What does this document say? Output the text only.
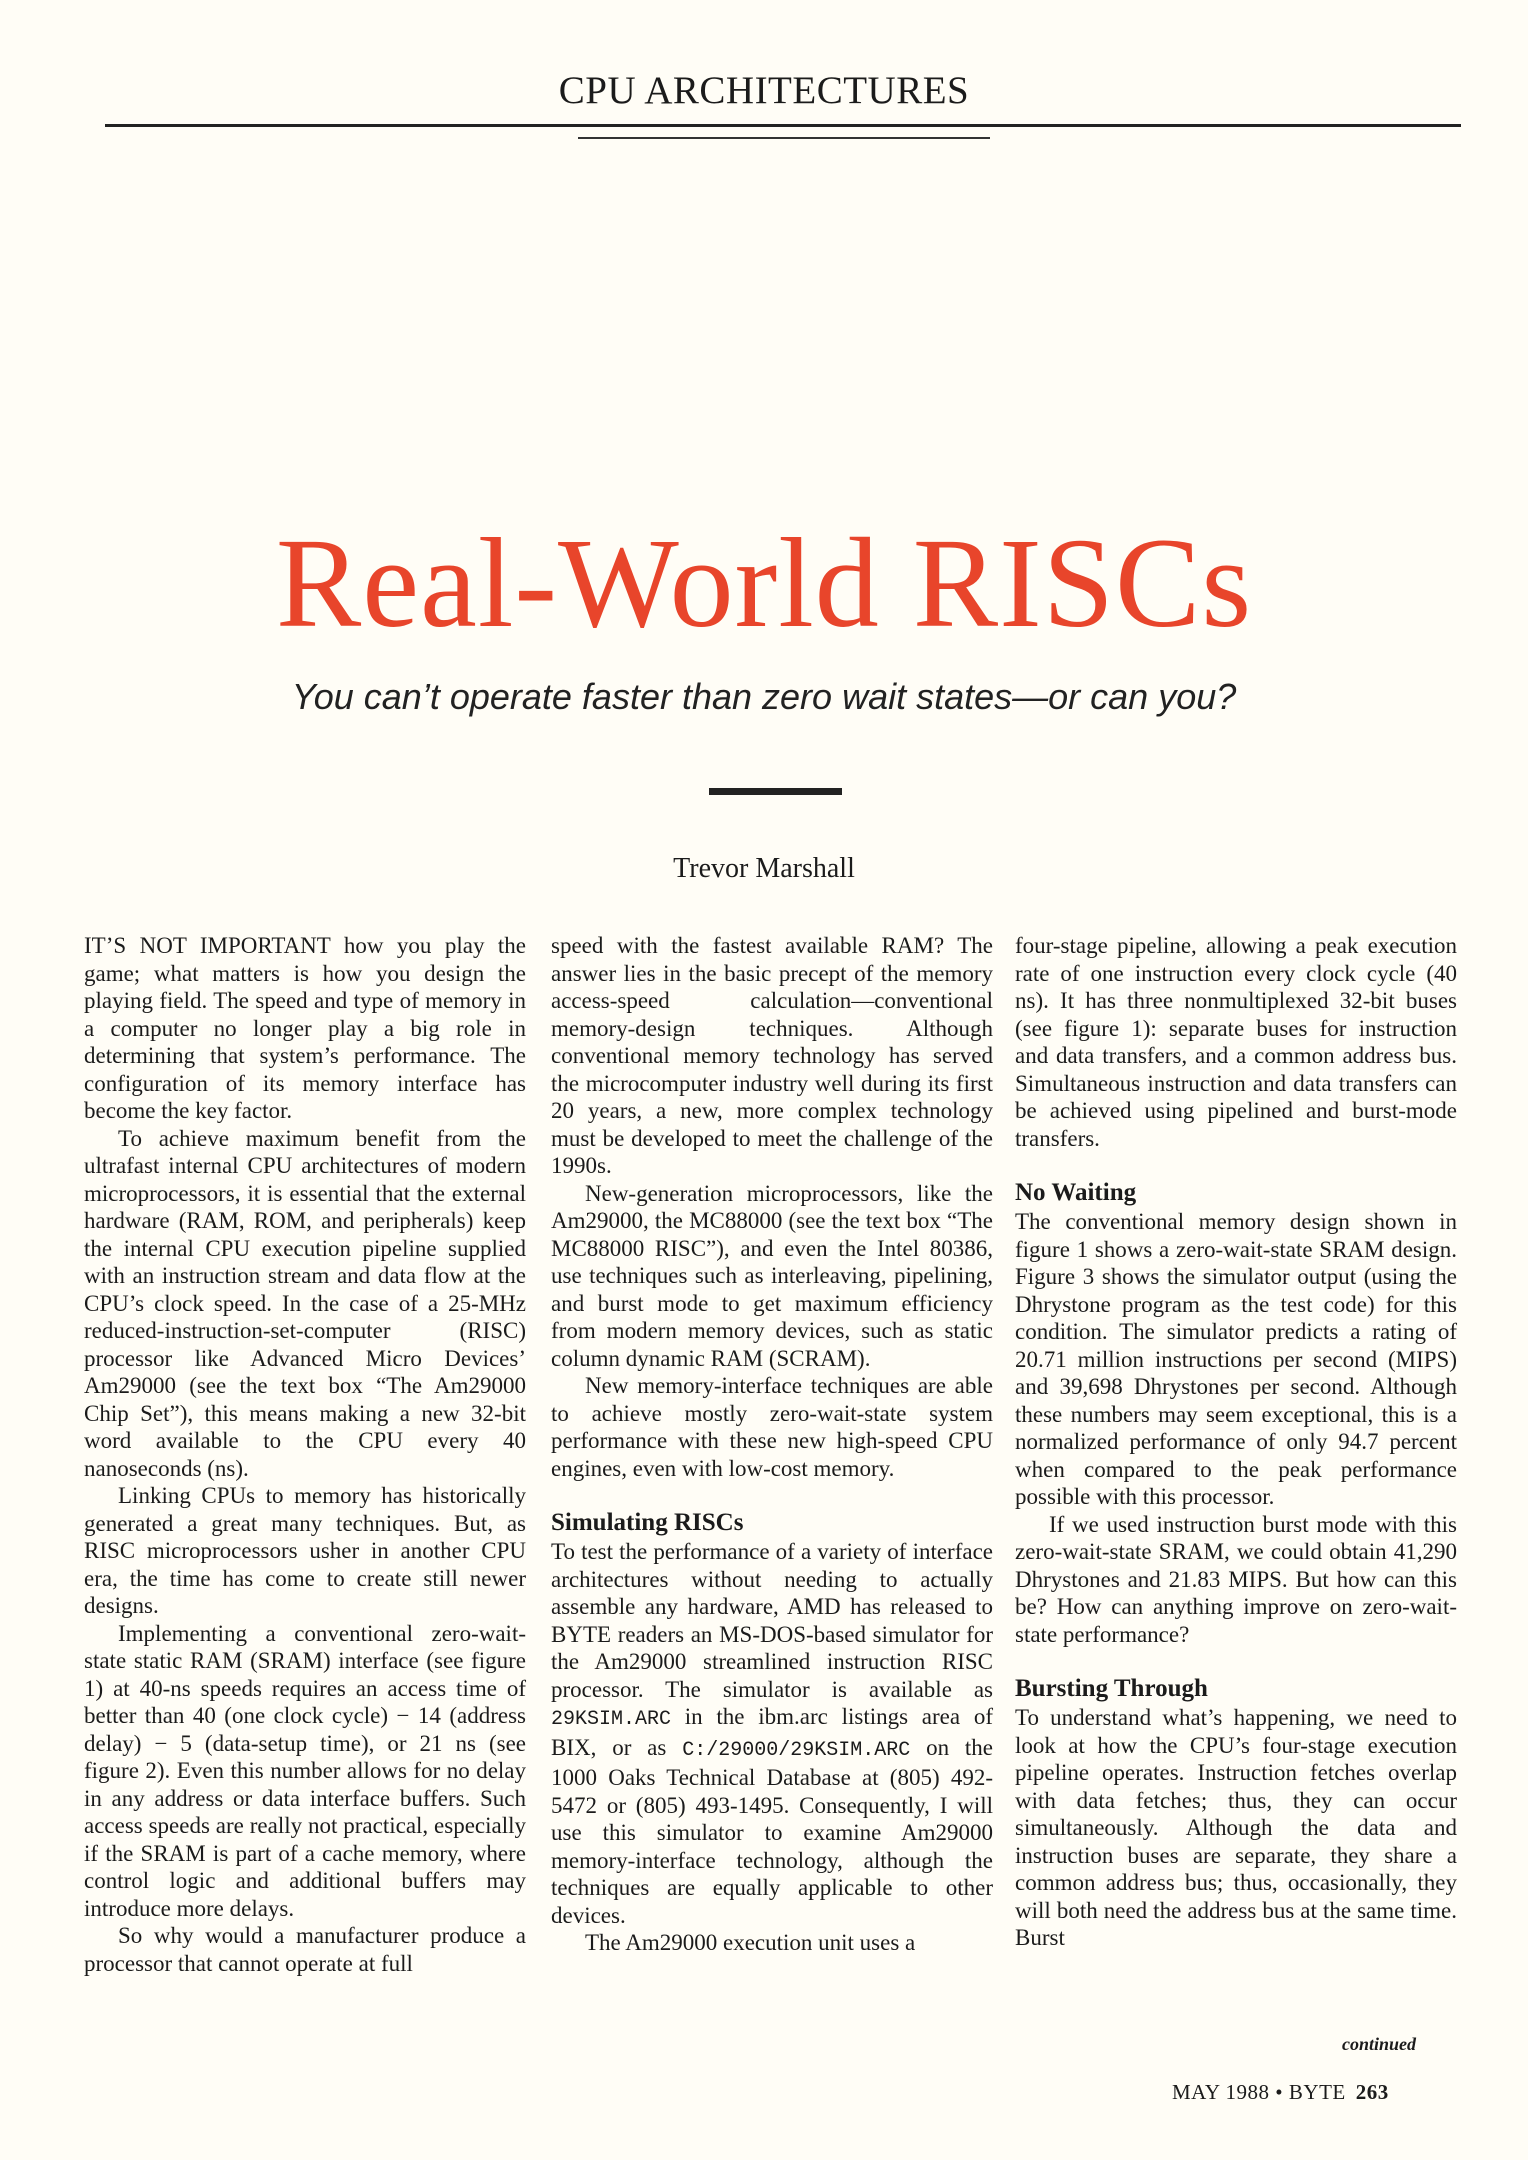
CPU ARCHITECTURES
Real-World RISCs
You can’t operate faster than zero wait states—or can you?
Trevor Marshall

IT’S NOT IMPORTANT how you play the game; what matters is how you design the playing field. The speed and type of memory in a computer no longer play a big role in determining that system’s performance. The configuration of its memory interface has become the key factor.

To achieve maximum benefit from the ultrafast internal CPU architectures of modern microprocessors, it is essential that the external hardware (RAM, ROM, and peripherals) keep the internal CPU execution pipeline supplied with an instruction stream and data flow at the CPU’s clock speed. In the case of a 25-MHz reduced-instruction-set-computer (RISC) processor like Advanced Micro Devices’ Am29000 (see the text box “The Am29000 Chip Set”), this means making a new 32-bit word available to the CPU every 40 nanoseconds (ns).

Linking CPUs to memory has historically generated a great many techniques. But, as RISC microprocessors usher in another CPU era, the time has come to create still newer designs.

Implementing a conventional zero-wait-state static RAM (SRAM) interface (see figure 1) at 40-ns speeds requires an access time of better than 40 (one clock cycle) − 14 (address delay) − 5 (data-setup time), or 21 ns (see figure 2). Even this number allows for no delay in any address or data interface buffers. Such access speeds are really not practical, especially if the SRAM is part of a cache memory, where control logic and additional buffers may introduce more delays.

So why would a manufacturer produce a processor that cannot operate at full

speed with the fastest available RAM? The answer lies in the basic precept of the memory access-speed calculation—conventional memory-design techniques. Although conventional memory technology has served the microcomputer industry well during its first 20 years, a new, more complex technology must be developed to meet the challenge of the 1990s.

New-generation microprocessors, like the Am29000, the MC88000 (see the text box “The MC88000 RISC”), and even the Intel 80386, use techniques such as interleaving, pipelining, and burst mode to get maximum efficiency from modern memory devices, such as static column dynamic RAM (SCRAM).

New memory-interface techniques are able to achieve mostly zero-wait-state system performance with these new high-speed CPU engines, even with low-cost memory.

Simulating RISCs

To test the performance of a variety of interface architectures without needing to actually assemble any hardware, AMD has released to BYTE readers an MS-DOS-based simulator for the Am29000 streamlined instruction RISC processor. The simulator is available as 29KSIM.ARC in the ibm.arc listings area of BIX, or as C:/29000/29KSIM.ARC on the 1000 Oaks Technical Database at (805) 492-5472 or (805) 493-1495. Consequently, I will use this simulator to examine Am29000 memory-interface technology, although the techniques are equally applicable to other devices.

The Am29000 execution unit uses a

four-stage pipeline, allowing a peak execution rate of one instruction every clock cycle (40 ns). It has three nonmultiplexed 32-bit buses (see figure 1): separate buses for instruction and data transfers, and a common address bus. Simultaneous instruction and data transfers can be achieved using pipelined and burst-mode transfers.

No Waiting

The conventional memory design shown in figure 1 shows a zero-wait-state SRAM design. Figure 3 shows the simulator output (using the Dhrystone program as the test code) for this condition. The simulator predicts a rating of 20.71 million instructions per second (MIPS) and 39,698 Dhrystones per second. Although these numbers may seem exceptional, this is a normalized performance of only 94.7 percent when compared to the peak performance possible with this processor.

If we used instruction burst mode with this zero-wait-state SRAM, we could obtain 41,290 Dhrystones and 21.83 MIPS. But how can this be? How can anything improve on zero-wait-state performance?

Bursting Through

To understand what’s happening, we need to look at how the CPU’s four-stage execution pipeline operates. Instruction fetches overlap with data fetches; thus, they can occur simultaneously. Although the data and instruction buses are separate, they share a common address bus; thus, occasionally, they will both need the address bus at the same time. Burst

continued
MAY 1988 • BYTE 263
